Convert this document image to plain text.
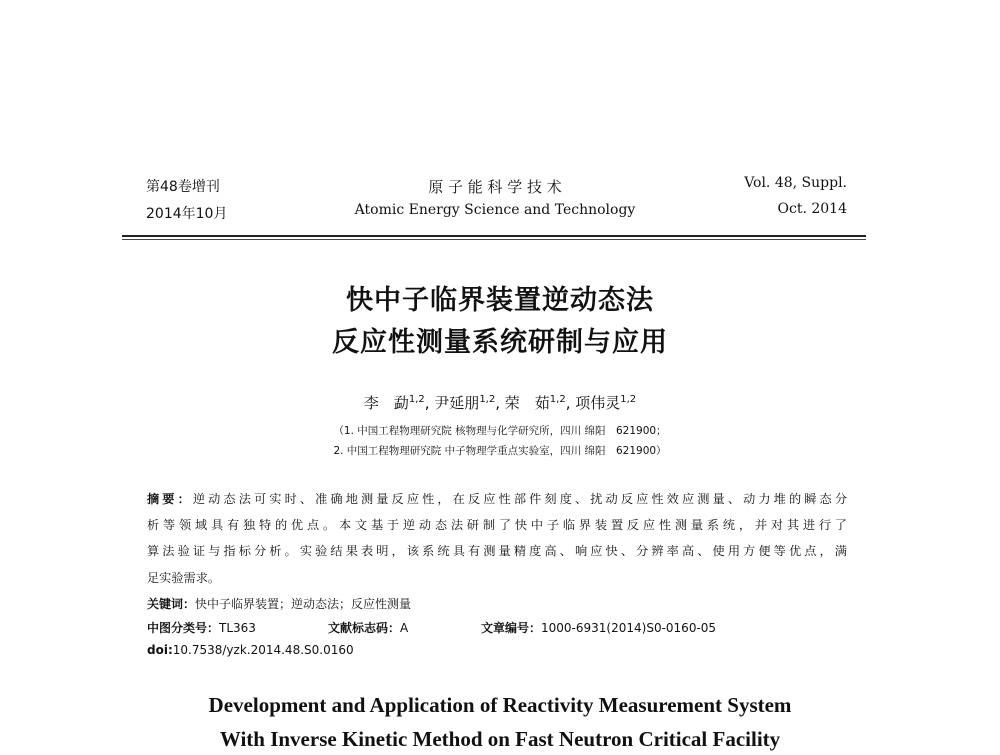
第48卷增刊
2014年10月
原 子 能 科 学 技 术
Atomic Energy Science and Technology
Vol. 48, Suppl.
Oct. 2014
快中子临界装置逆动态法
反应性测量系统研制与应用
李　勐$^{1,2}$, 尹延朋$^{1,2}$, 荣　茹$^{1,2}$, 项伟灵$^{1,2}$
（1. 中国工程物理研究院 核物理与化学研究所，四川 绵阳　621900；
2. 中国工程物理研究院 中子物理学重点实验室，四川 绵阳　621900）
摘要：逆动态法可实时、准确地测量反应性，在反应性部件刻度、扰动反应性效应测量、动力堆的瞬态分
析等领域具有独特的优点。本文基于逆动态法研制了快中子临界装置反应性测量系统，并对其进行了
算法验证与指标分析。实验结果表明，该系统具有测量精度高、响应快、分辨率高、使用方便等优点，满
足实验需求。
关键词：快中子临界装置；逆动态法；反应性测量
中图分类号：TL363	文献标志码：A	文章编号：1000-6931(2014)S0-0160-05
doi:10.7538/yzk.2014.48.S0.0160
Development and Application of Reactivity Measurement System
With Inverse Kinetic Method on Fast Neutron Critical Facility
